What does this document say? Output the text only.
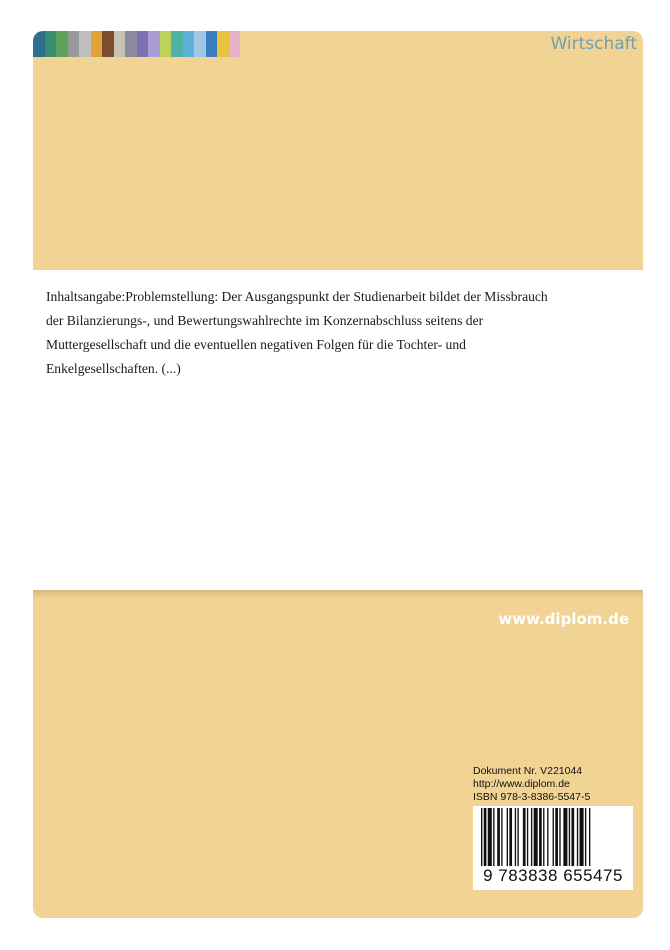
Wirtschaft

Inhaltsangabe:Problemstellung: Der Ausgangspunkt der Studienarbeit bildet der Missbrauch der Bilanzierungs-, und Bewertungswahlrechte im Konzernabschluss seitens der Muttergesellschaft und die eventuellen negativen Folgen für die Tochter- und Enkelgesellschaften. (...)

www.diplom.de
Dokument Nr. V221044
http://www.diplom.de
ISBN 978-3-8386-5547-5
9 783838 655475
